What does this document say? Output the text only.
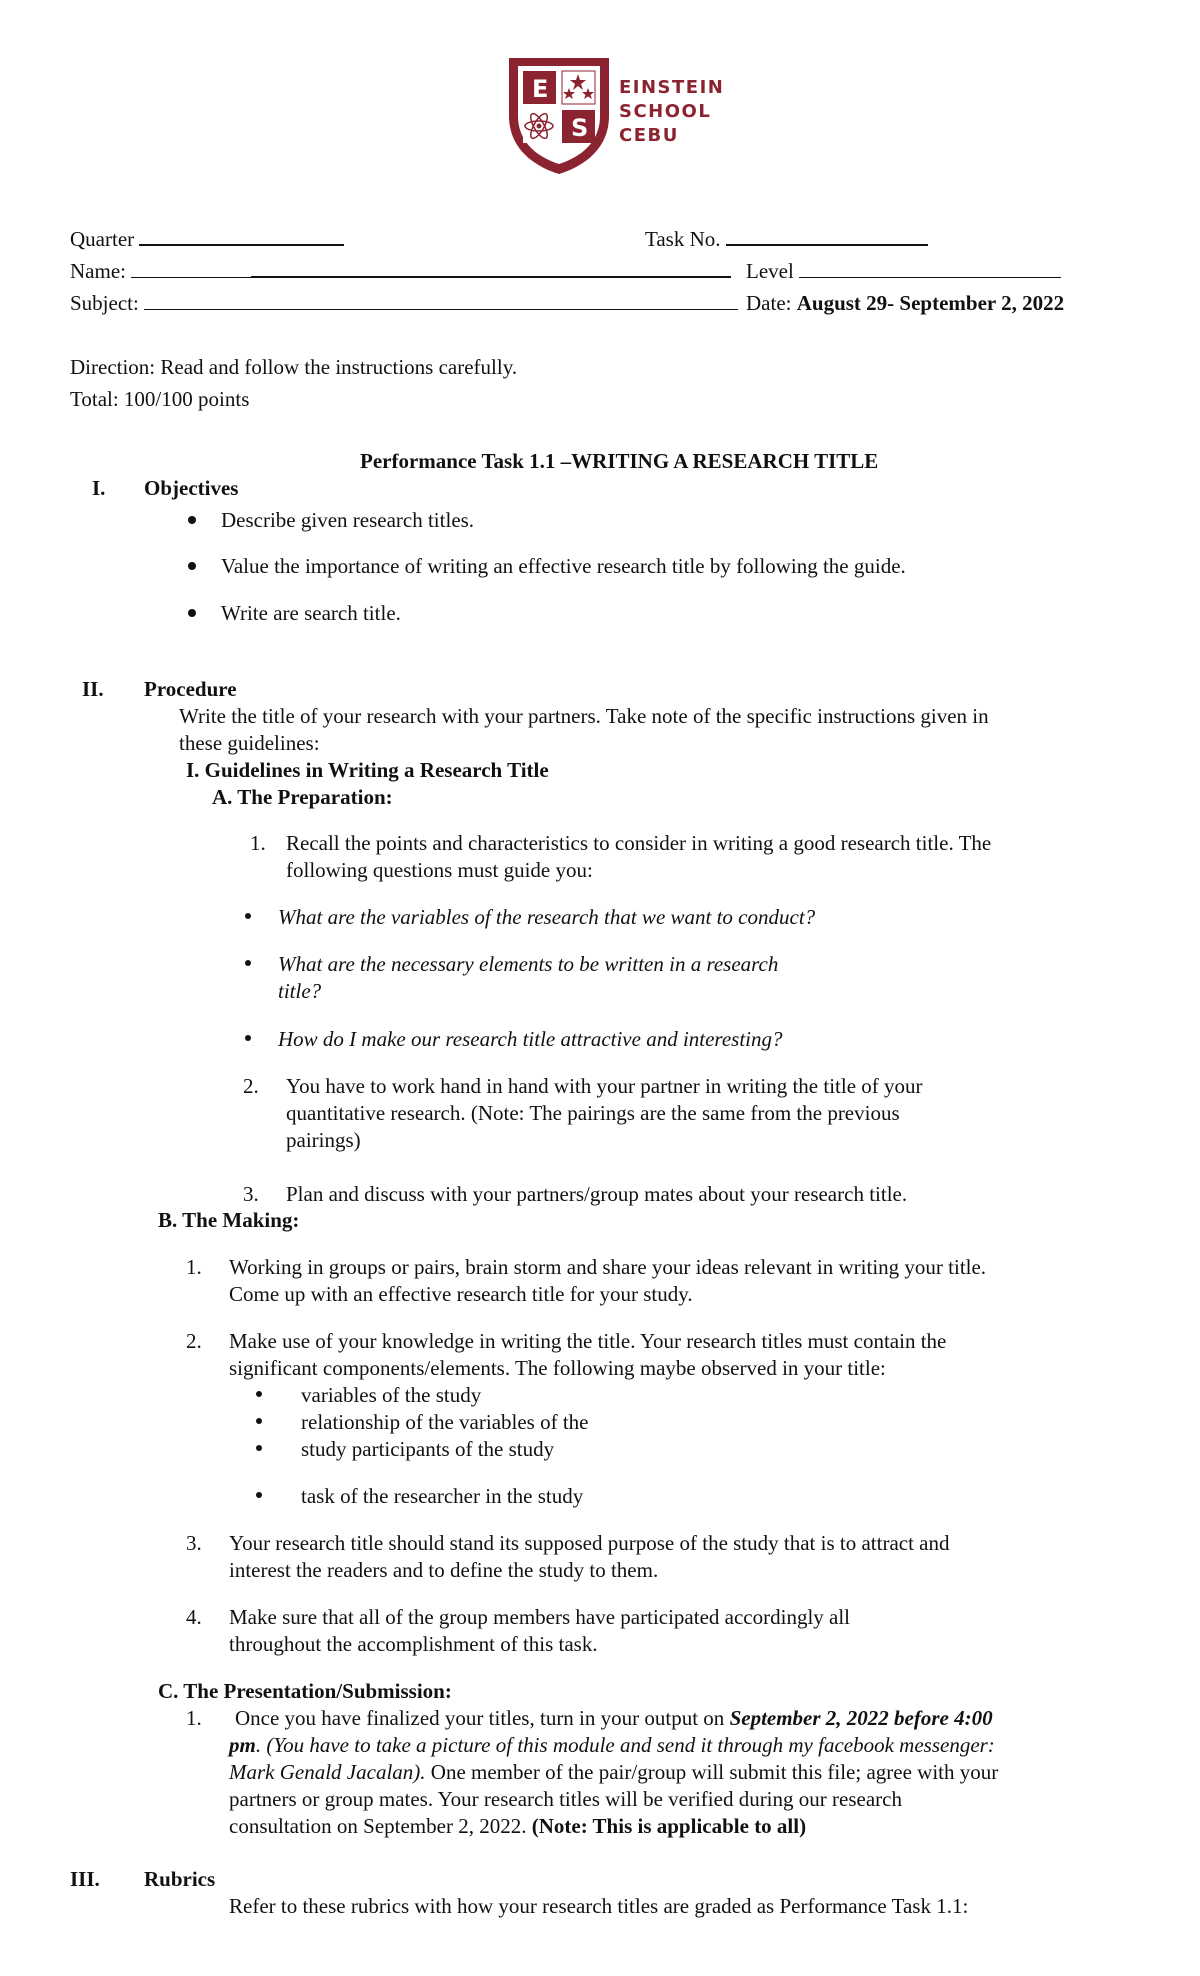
E
S
EINSTEIN
SCHOOL
CEBU
Quarter	Task No.
Name:	Level
Subject:	Date: August 29- September 2, 2022
Direction: Read and follow the instructions carefully.
Total: 100/100 points
Performance Task 1.1 –WRITING A RESEARCH TITLE
I. Objectives
Describe given research titles.
Value the importance of writing an effective research title by following the guide.
Write are search title.
II. Procedure
Write the title of your research with your partners. Take note of the specific instructions given in
these guidelines:
I. Guidelines in Writing a Research Title
A. The Preparation:
1. Recall the points and characteristics to consider in writing a good research title. The
following questions must guide you:
What are the variables of the research that we want to conduct?
What are the necessary elements to be written in a research
title?
How do I make our research title attractive and interesting?
2. You have to work hand in hand with your partner in writing the title of your
quantitative research. (Note: The pairings are the same from the previous
pairings)
3. Plan and discuss with your partners/group mates about your research title.
B. The Making:
1. Working in groups or pairs, brain storm and share your ideas relevant in writing your title.
Come up with an effective research title for your study.
2. Make use of your knowledge in writing the title. Your research titles must contain the
significant components/elements. The following maybe observed in your title:
variables of the study
relationship of the variables of the
study participants of the study
task of the researcher in the study
3. Your research title should stand its supposed purpose of the study that is to attract and
interest the readers and to define the study to them.
4. Make sure that all of the group members have participated accordingly all
throughout the accomplishment of this task.
C. The Presentation/Submission:
1. Once you have finalized your titles, turn in your output on September 2, 2022 before 4:00
pm. (You have to take a picture of this module and send it through my facebook messenger:
Mark Genald Jacalan). One member of the pair/group will submit this file; agree with your
partners or group mates. Your research titles will be verified during our research
consultation on September 2, 2022. (Note: This is applicable to all)
III. Rubrics
Refer to these rubrics with how your research titles are graded as Performance Task 1.1:
